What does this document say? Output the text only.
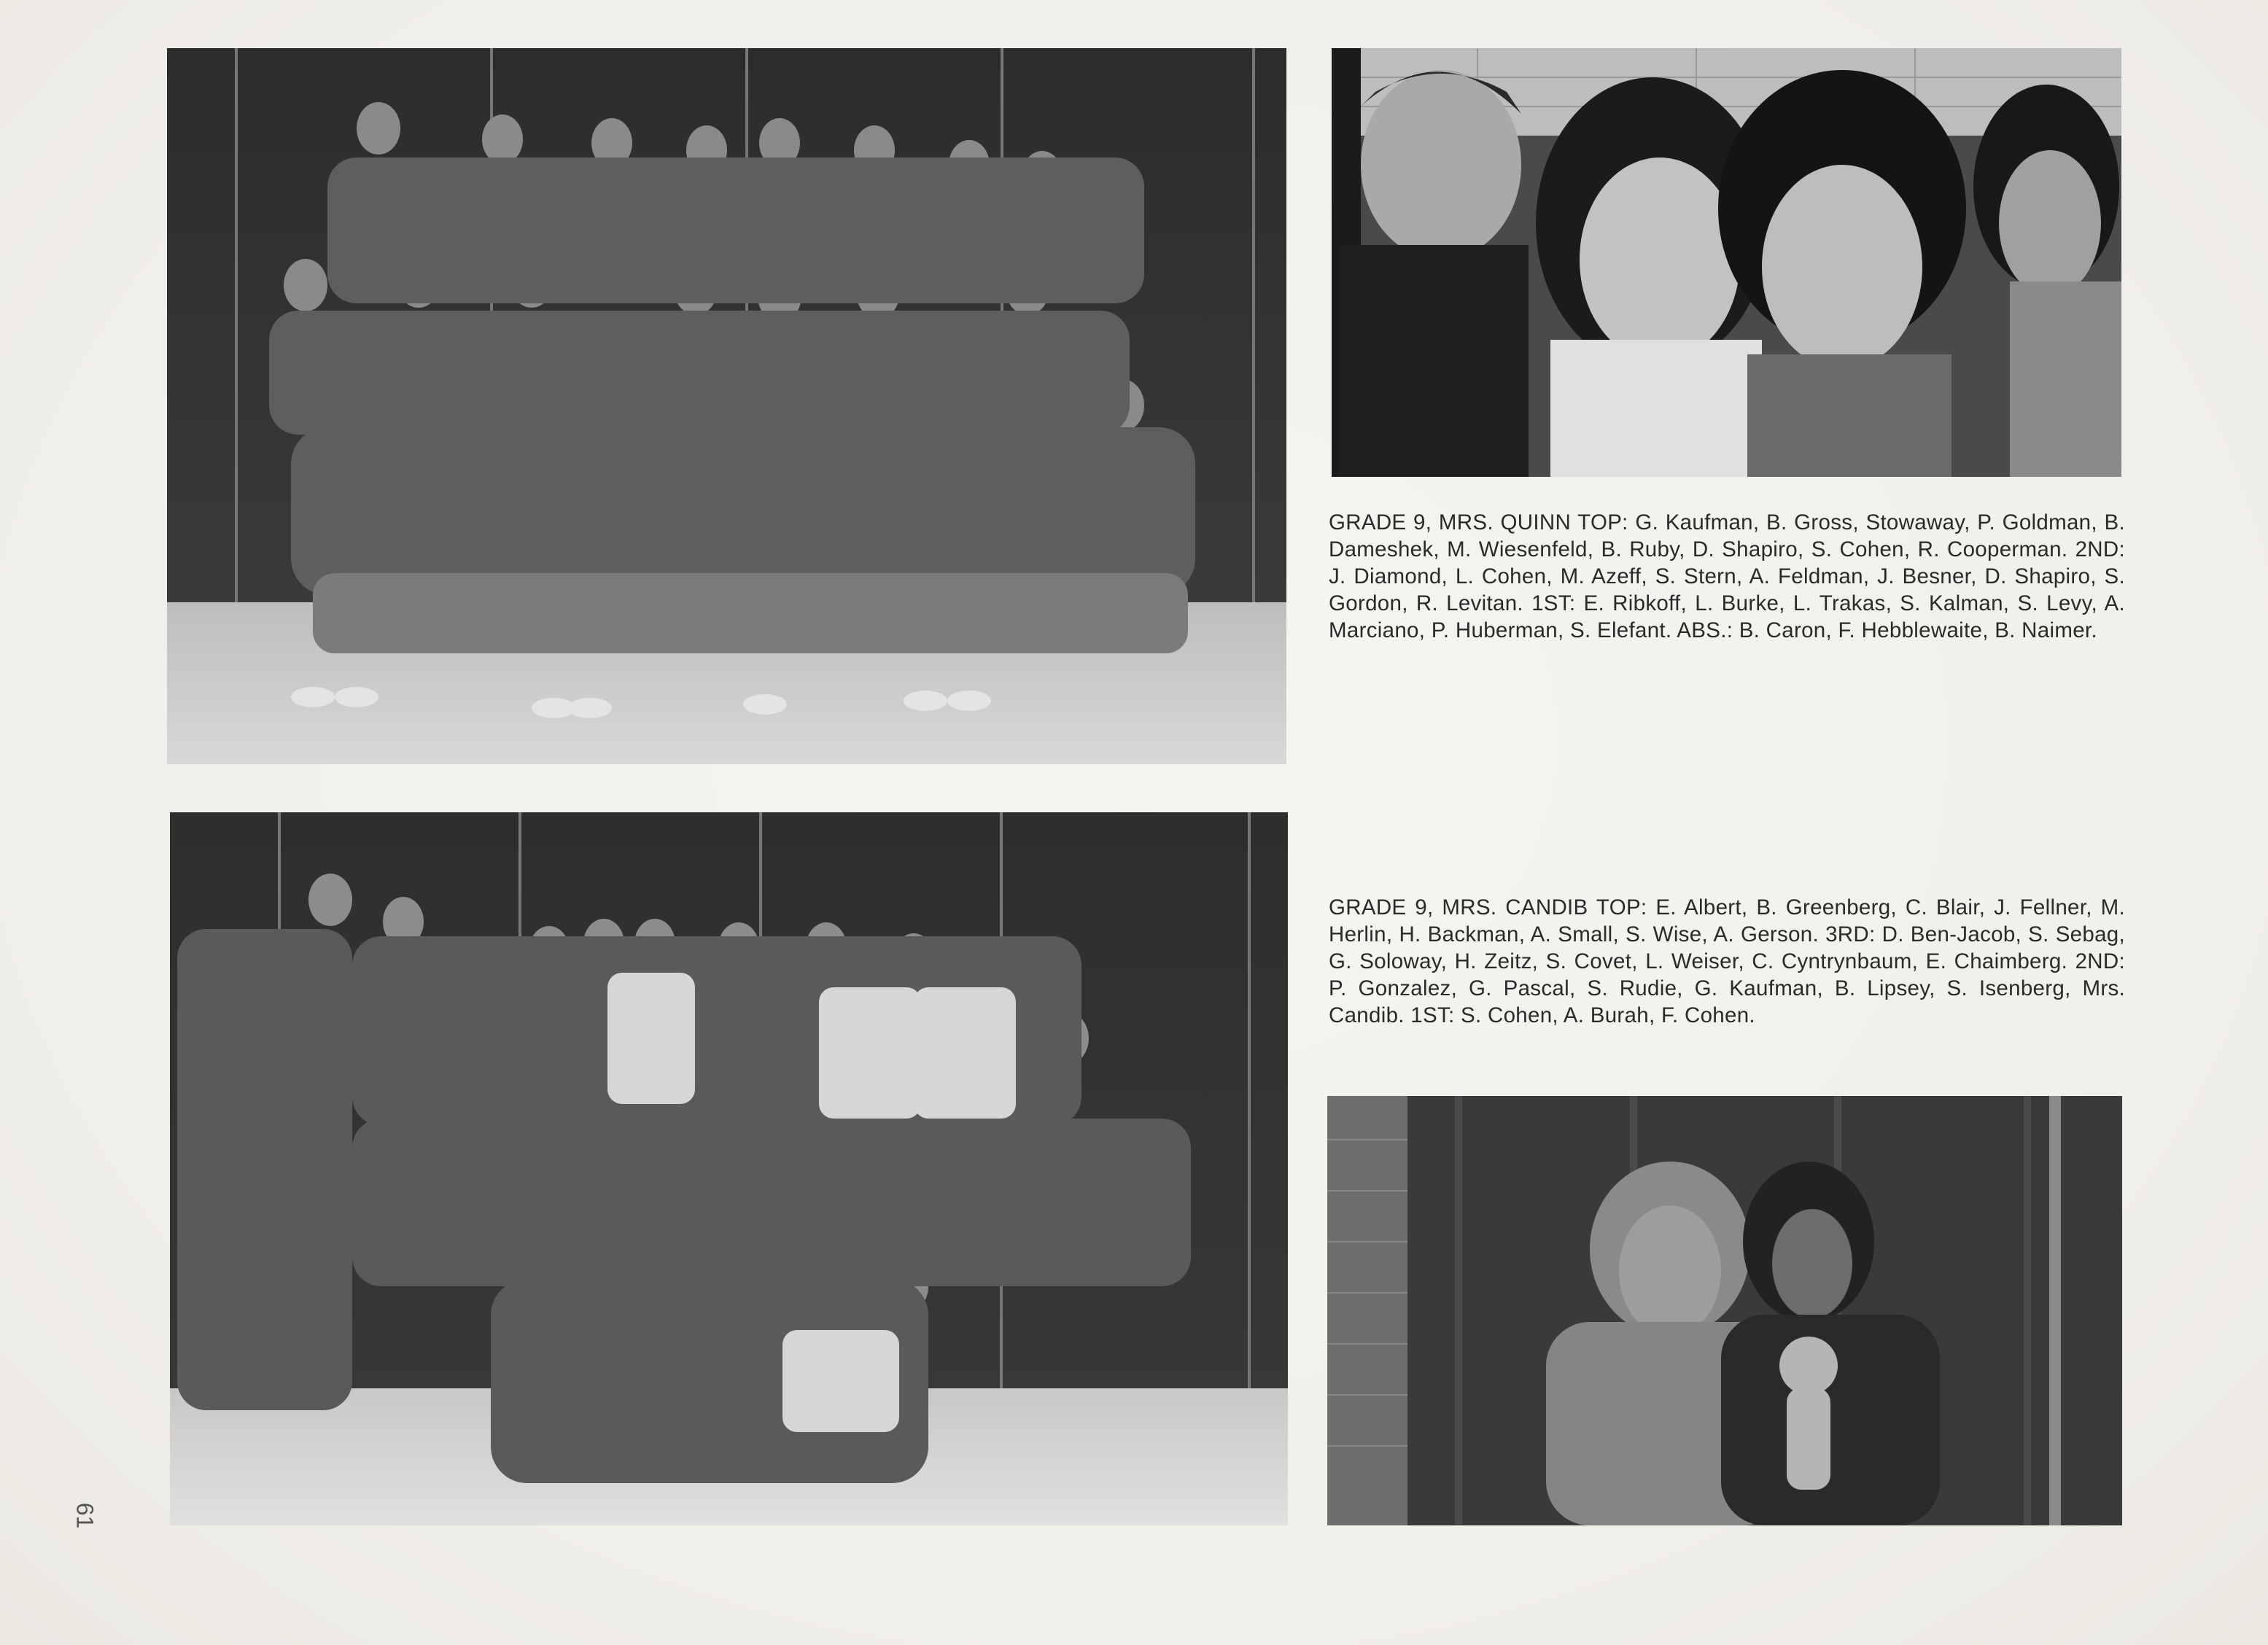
GRADE 9, MRS. QUINN TOP: G. Kaufman, B. Gross, Stowaway, P. Goldman, B. Dameshek, M. Wiesenfeld, B. Ruby, D. Shapiro, S. Cohen, R. Cooperman. 2ND: J. Diamond, L. Cohen, M. Azeff, S. Stern, A. Feldman, J. Besner, D. Shapiro, S. Gordon, R. Levitan. 1ST: E. Ribkoff, L. Burke, L. Trakas, S. Kalman, S. Levy, A. Marciano, P. Huberman, S. Elefant. ABS.: B. Caron, F. Hebblewaite, B. Naimer.
GRADE 9, MRS. CANDIB TOP: E. Albert, B. Greenberg, C. Blair, J. Fellner, M. Herlin, H. Backman, A. Small, S. Wise, A. Gerson. 3RD: D. Ben-Jacob, S. Sebag, G. Soloway, H. Zeitz, S. Covet, L. Weiser, C. Cyntrynbaum, E. Chaimberg. 2ND: P. Gonzalez, G. Pascal, S. Rudie, G. Kaufman, B. Lipsey, S. Isenberg, Mrs. Candib. 1ST: S. Cohen, A. Burah, F. Cohen.
61
